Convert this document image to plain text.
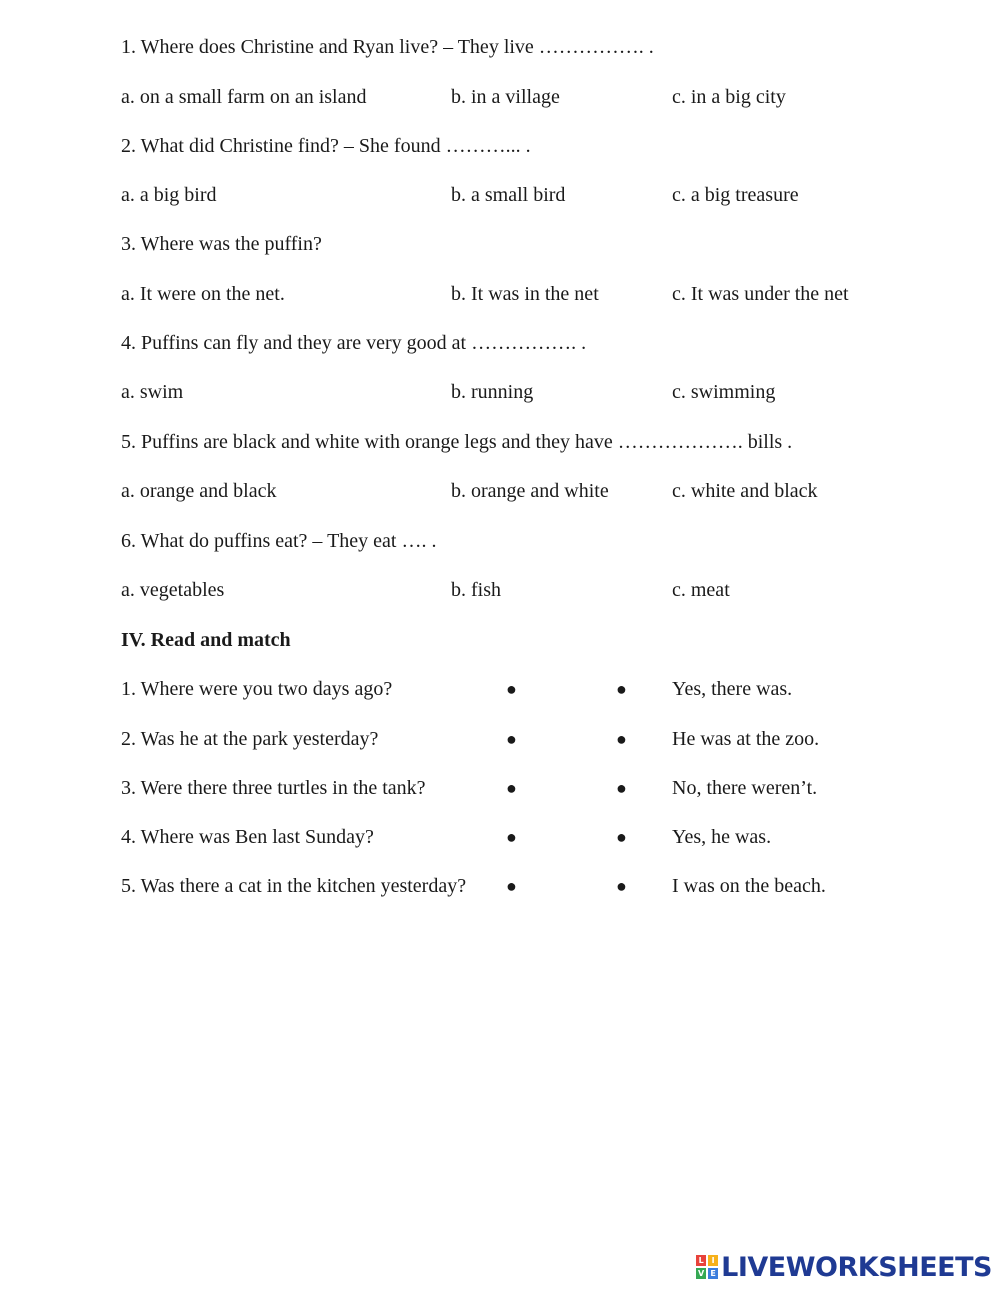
1. Where does Christine and Ryan live? – They live ……………. .
a. on a small farm on an island	b. in a village	c. in a big city
2. What did Christine find? – She found ………... .
a. a big bird	b. a small bird	c. a big treasure
3. Where was the puffin?
a. It were on the net.	b. It was in the net	c. It was under the net
4. Puffins can fly and they are very good at ……………. .
a. swim	b. running	c. swimming
5. Puffins are black and white with orange legs and they have ………………. bills .
a. orange and black	b. orange and white	c. white and black
6. What do puffins eat? – They eat …. .
a. vegetables	b. fish	c. meat
IV. Read and match
1. Where were you two days ago?	●	● Yes, there was.
2. Was he at the park yesterday?	●	● He was at the zoo.
3. Were there three turtles in the tank?	●	● No, there weren’t.
4. Where was Ben last Sunday?	●	● Yes, he was.
5. Was there a cat in the kitchen yesterday? ●	● I was on the beach.
L I
V E LIVEWORKSHEETS
